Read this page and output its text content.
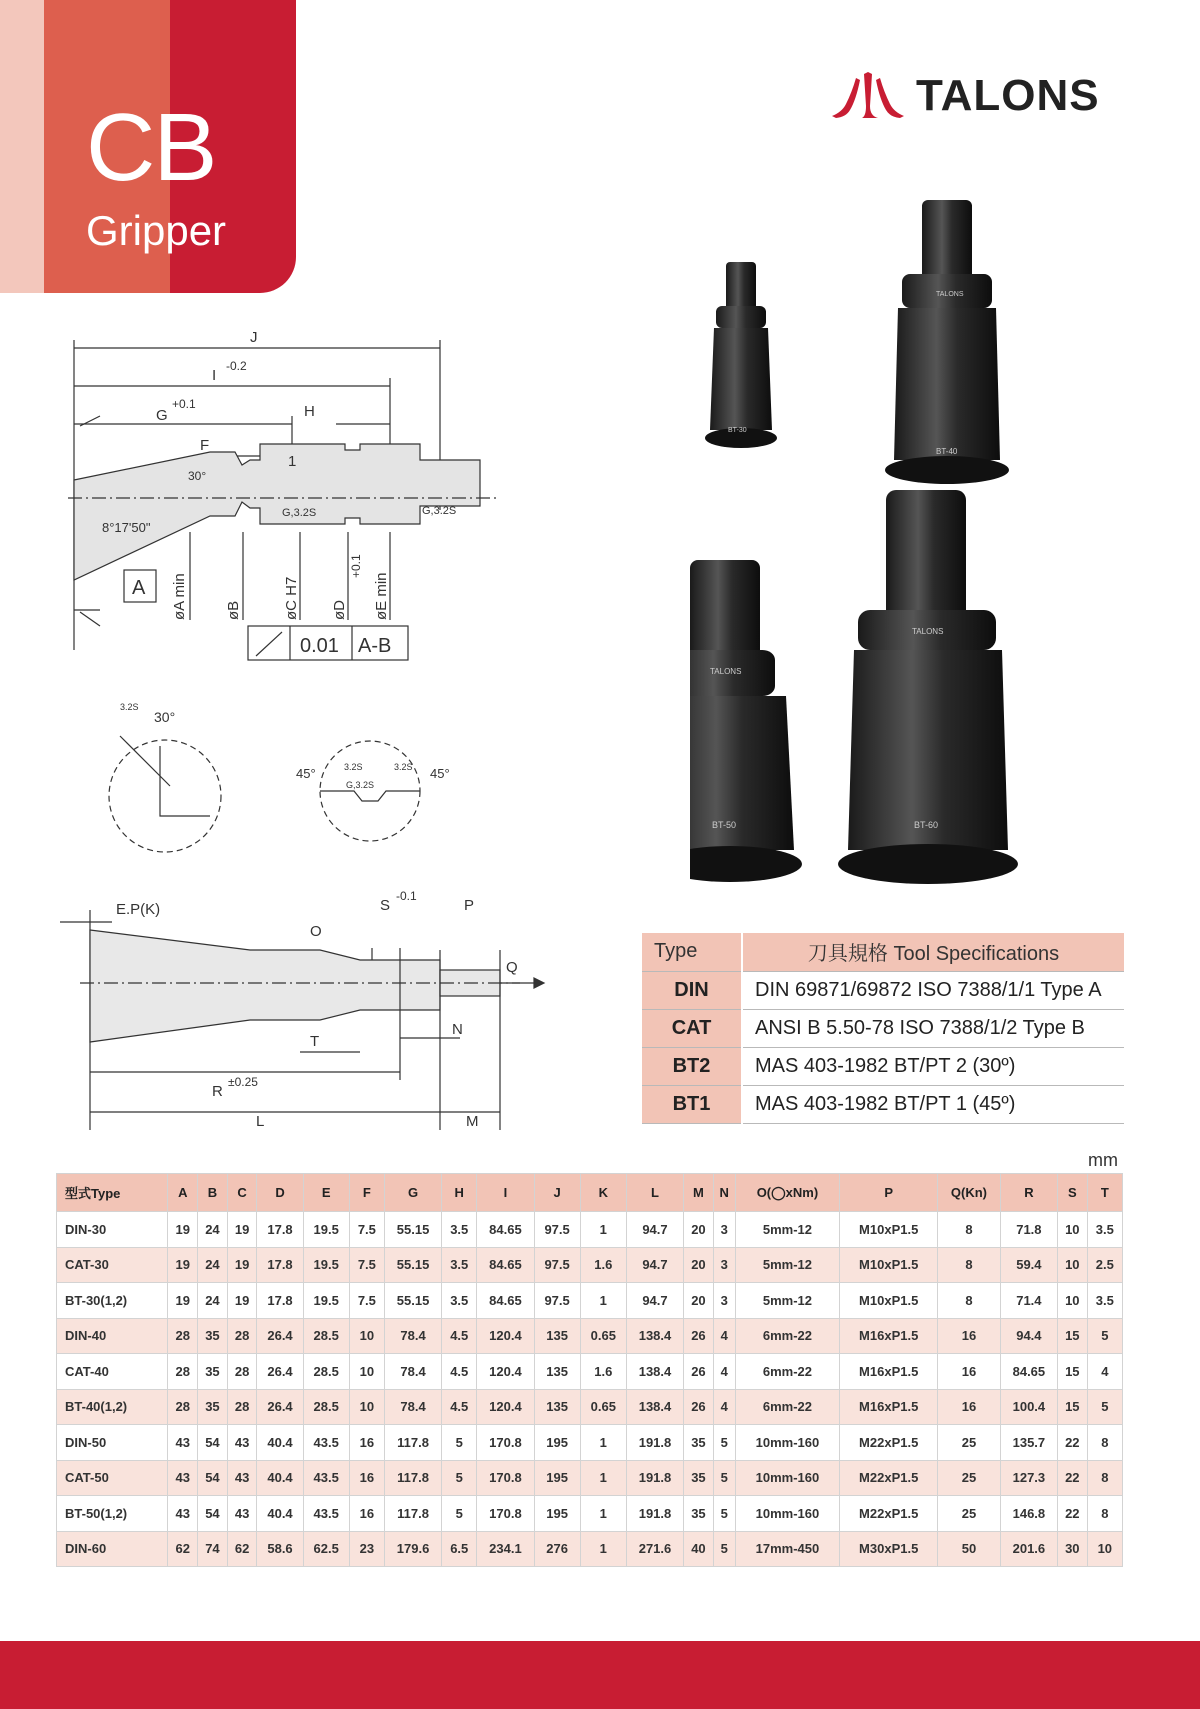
CB
Gripper
TALONS
J
I
-0.2
G
+0.1	H
F
1
30°
8°17'50"
G,3.2S	G,3.2S
A øA min øB	øC H7 øD
+0.1
øE min
0.01 A-B
3.2S
30°
45°	3.2S
G,3.2S
3.2S 45°
E.P(K)	S
-0.1
P
O
Q
N
T
R
±0.25
L	M
BT-30
TALONS
BT-40
TALONS
BT-50
TALONS
BT-60
Type	刀具規格 Tool Specifications
DIN	DIN 69871/69872 ISO 7388/1/1 Type A
CAT	ANSI B 5.50-78 ISO 7388/1/2 Type B
BT2	MAS 403-1982 BT/PT 2 (30º)
BT1	MAS 403-1982 BT/PT 1 (45º)
mm
型式Type	A	B	C	D	E	F	G	H	I	J	K	L	M	N	O(◯xNm)	P	Q(Kn)	R	S	T
DIN-30	19	24	19	17.8	19.5	7.5	55.15	3.5	84.65	97.5	1	94.7	20	3	5mm-12	M10xP1.5	8	71.8	10	3.5
CAT-30	19	24	19	17.8	19.5	7.5	55.15	3.5	84.65	97.5	1.6	94.7	20	3	5mm-12	M10xP1.5	8	59.4	10	2.5
BT-30(1,2)	19	24	19	17.8	19.5	7.5	55.15	3.5	84.65	97.5	1	94.7	20	3	5mm-12	M10xP1.5	8	71.4	10	3.5
DIN-40	28	35	28	26.4	28.5	10	78.4	4.5	120.4	135	0.65	138.4	26	4	6mm-22	M16xP1.5	16	94.4	15	5
CAT-40	28	35	28	26.4	28.5	10	78.4	4.5	120.4	135	1.6	138.4	26	4	6mm-22	M16xP1.5	16	84.65	15	4
BT-40(1,2)	28	35	28	26.4	28.5	10	78.4	4.5	120.4	135	0.65	138.4	26	4	6mm-22	M16xP1.5	16	100.4	15	5
DIN-50	43	54	43	40.4	43.5	16	117.8	5	170.8	195	1	191.8	35	5	10mm-160	M22xP1.5	25	135.7	22	8
CAT-50	43	54	43	40.4	43.5	16	117.8	5	170.8	195	1	191.8	35	5	10mm-160	M22xP1.5	25	127.3	22	8
BT-50(1,2)	43	54	43	40.4	43.5	16	117.8	5	170.8	195	1	191.8	35	5	10mm-160	M22xP1.5	25	146.8	22	8
DIN-60	62	74	62	58.6	62.5	23	179.6	6.5	234.1	276	1	271.6	40	5	17mm-450	M30xP1.5	50	201.6	30	10
